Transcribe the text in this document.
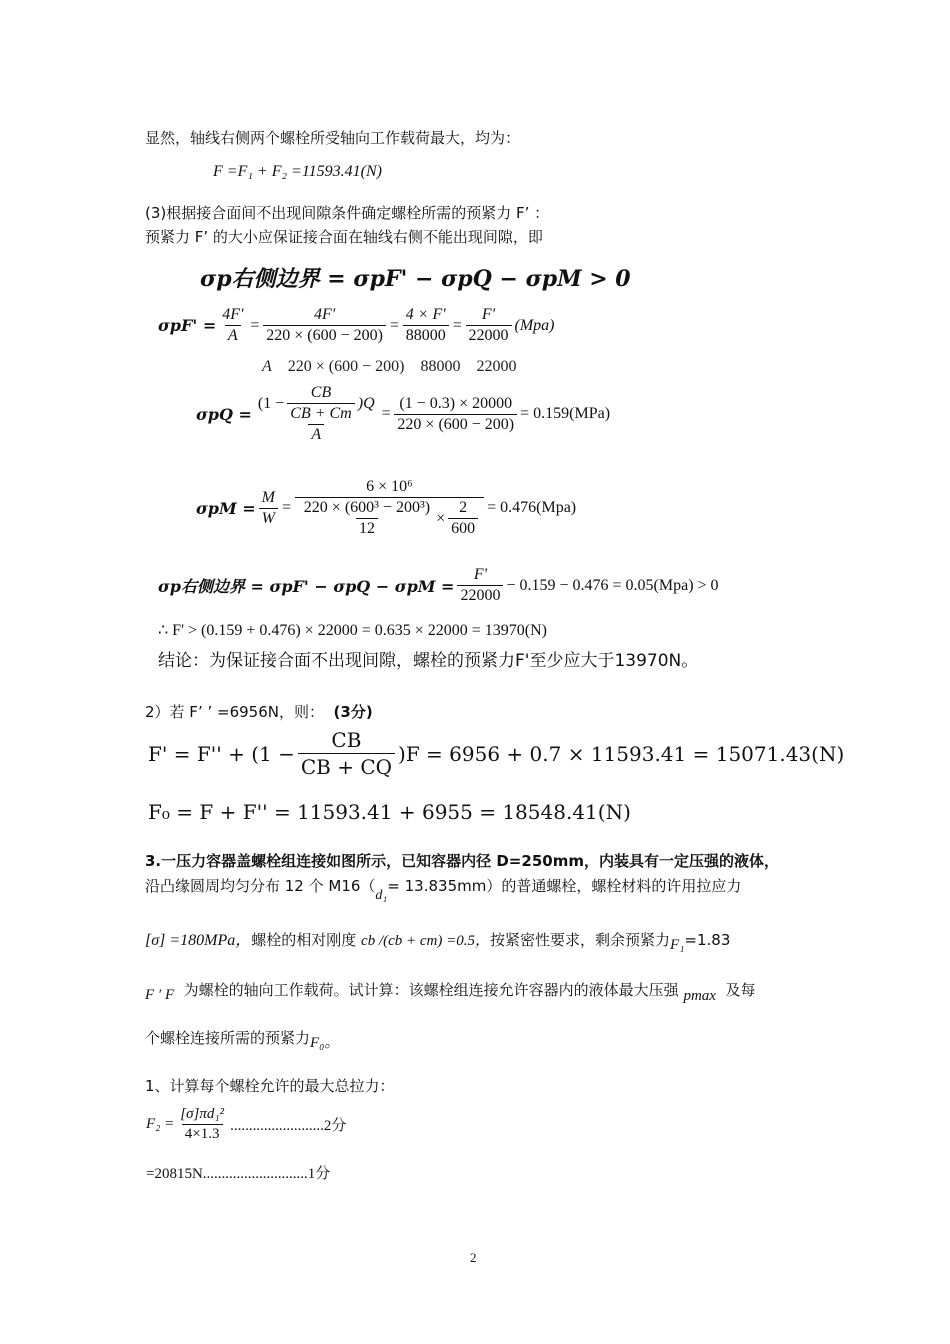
显然，轴线右侧两个螺栓所受轴向工作载荷最大，均为：
F =F₁ + F₂ =11593.41(N)
(3)根据接合面间不出现间隙条件确定螺栓所需的预紧力 F’ ：
预紧力 F’ 的大小应保证接合面在轴线右侧不能出现间隙，即
σp右侧边界 = σpF' − σpQ − σpM > 0
$\sigma pF' = \frac{4F'}{A} = \frac{4F'}{220 \times (600 - 200)} = \frac{4 \times F'}{88000} = \frac{F'}{22000} (Mpa)$
A 220 × (600 − 200) 88000 22000
$\sigma pQ = \frac{(1 - \frac{CB}{CB + Cm} )Q}{A} = \frac{(1 - 0.3) \times 20000}{220 \times (600 - 200)} = 0.159(MPa)$
$\sigma pM = \frac{M}{W} = \frac{\text{6 × 10⁶}}{\frac{\text{220 × (600³ − 200³)}}{12} \times \frac{2}{600}} = 0.476(Mpa)$
σp右侧边界 = $\sigma pF' - \sigma pQ - \sigma pM = \frac{F'}{22000} - 0.159 - 0.476 = 0.05(Mpa) > 0$
∴ F' > (0.159 + 0.476) × 22000 = 0.635 × 22000 = 13970(N)
结论：为保证接合面不出现间隙，螺栓的预紧力F'至少应大于13970N。
2）若 F’ ’ =6956N，则： (3分)
$F' = F'' + (1 - \frac{CB}{CB + CQ} )F = 6956 + 0.7 \times 11593.41 = 15071.43(N)$
F₀ = F + F'' = 11593.41 + 6955 = 18548.41(N)
3.一压力容器盖螺栓组连接如图所示，已知容器内径 D=250mm，内装具有一定压强的液体，
沿凸缘圆周均匀分布 12 个 M16（d₁= 13.835mm）的普通螺栓，螺栓材料的许用拉应力
[σ] =180MPa，螺栓的相对刚度 cb /(cb + cm) =0.5，按紧密性要求，剩余预紧力F₁=1.83
F ′ F 为螺栓的轴向工作载荷。试计算：该螺栓组连接允许容器内的液体最大压强 pmax 及每
个螺栓连接所需的预紧力F₀。
1、计算每个螺栓允许的最大总拉力：
$F_2 = \frac{\text{[σ]πd₁²}}{4\times 1.3} .........................2$分
=20815N............................1分
2
